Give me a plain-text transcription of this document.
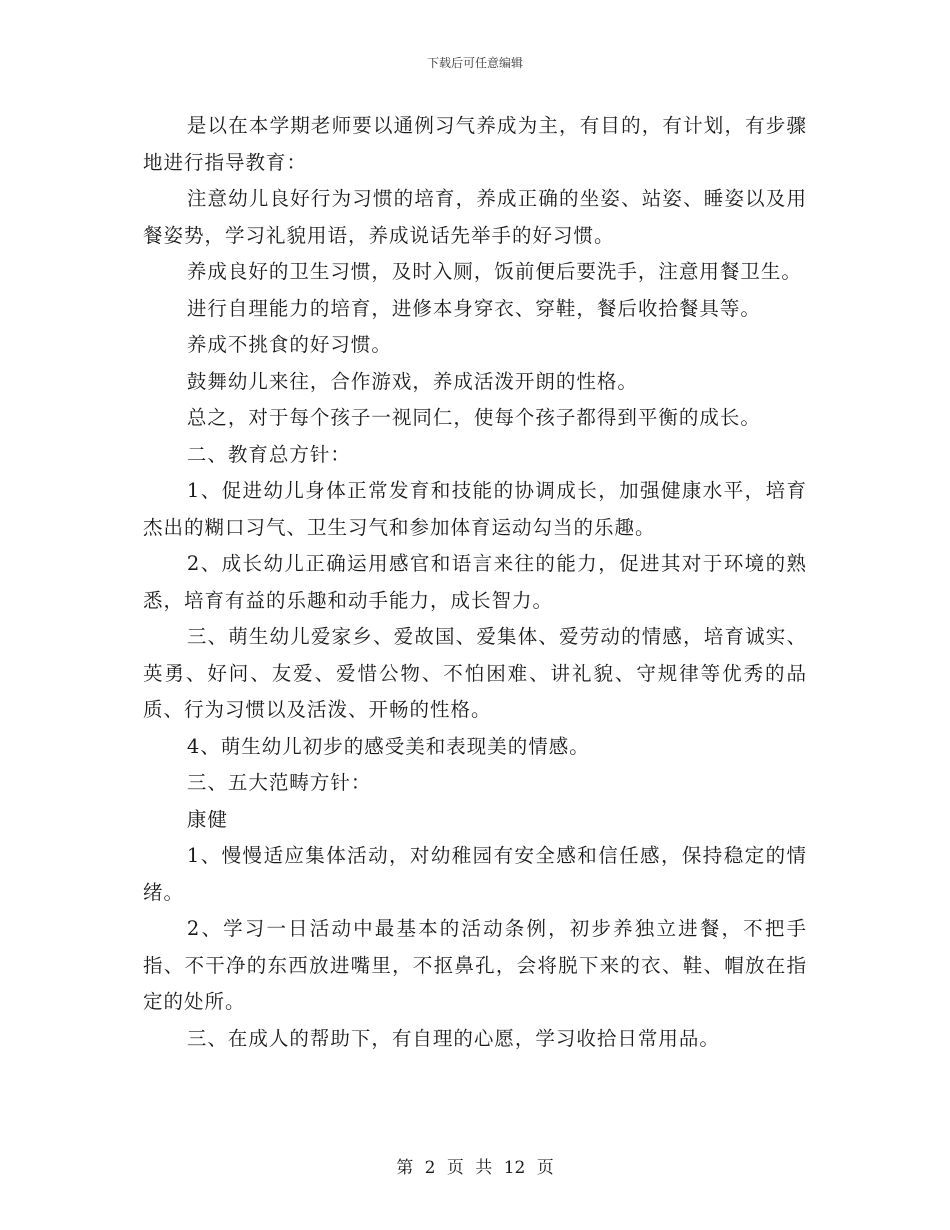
下载后可任意编辑

是以在本学期老师要以通例习气养成为主，有目的，有计划，有步骤地进行指导教育：

注意幼儿良好行为习惯的培育，养成正确的坐姿、站姿、睡姿以及用餐姿势，学习礼貌用语，养成说话先举手的好习惯。

养成良好的卫生习惯，及时入厕，饭前便后要洗手，注意用餐卫生。

进行自理能力的培育，进修本身穿衣、穿鞋，餐后收拾餐具等。

养成不挑食的好习惯。

鼓舞幼儿来往，合作游戏，养成活泼开朗的性格。

总之，对于每个孩子一视同仁，使每个孩子都得到平衡的成长。

二、教育总方针：

1、促进幼儿身体正常发育和技能的协调成长，加强健康水平，培育杰出的糊口习气、卫生习气和参加体育运动勾当的乐趣。

2、成长幼儿正确运用感官和语言来往的能力，促进其对于环境的熟悉，培育有益的乐趣和动手能力，成长智力。

三、萌生幼儿爱家乡、爱故国、爱集体、爱劳动的情感，培育诚实、英勇、好问、友爱、爱惜公物、不怕困难、讲礼貌、守规律等优秀的品质、行为习惯以及活泼、开畅的性格。

4、萌生幼儿初步的感受美和表现美的情感。

三、五大范畴方针：

康健

1、慢慢适应集体活动，对幼稚园有安全感和信任感，保持稳定的情绪。

2、学习一日活动中最基本的活动条例，初步养独立进餐，不把手指、不干净的东西放进嘴里，不抠鼻孔，会将脱下来的衣、鞋、帽放在指定的处所。

三、在成人的帮助下，有自理的心愿，学习收拾日常用品。

第 2 页 共 12 页
